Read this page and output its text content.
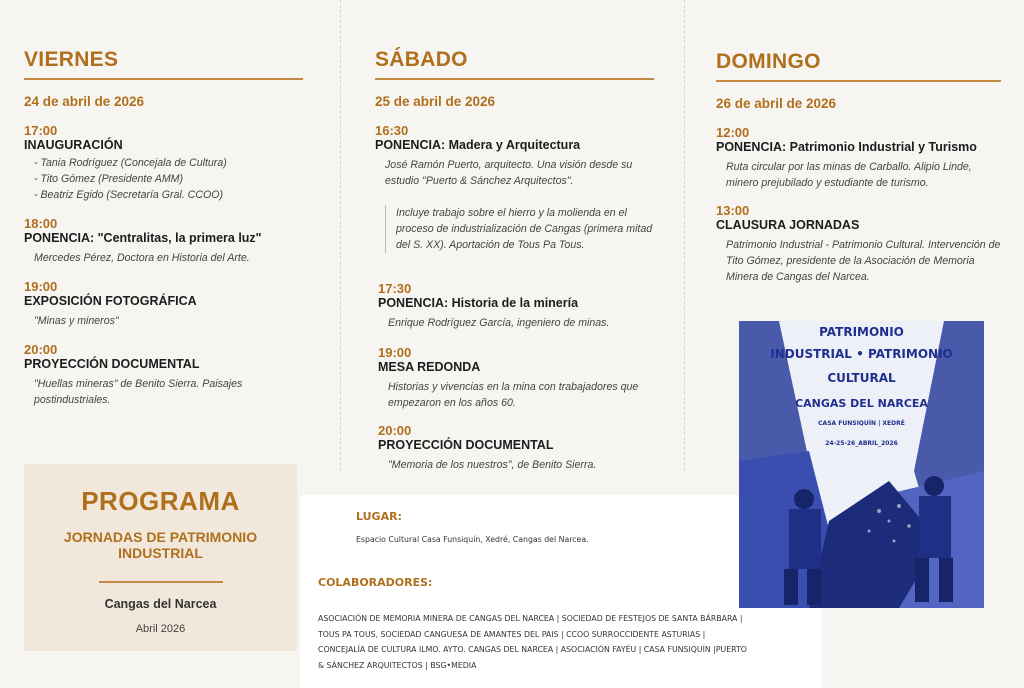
VIERNES
24 de abril de 2026
17:00
INAUGURACIÓN
- Tania Rodríguez (Concejala de Cultura)
- Tito Gómez (Presidente AMM)
- Beatriz Egido (Secretaría Gral. CCOO)
18:00
PONENCIA: "Centralitas, la primera luz"
Mercedes Pérez, Doctora en Historia del Arte.
19:00
EXPOSICIÓN FOTOGRÁFICA
"Minas y mineros"
20:00
PROYECCIÓN DOCUMENTAL
"Huellas mineras" de Benito Sierra. Paisajes postindustriales.
SÁBADO
25 de abril de 2026
16:30
PONENCIA: Madera y Arquitectura
José Ramón Puerto, arquitecto. Una visión desde su estudio "Puerto & Sánchez Arquitectos".
Incluye trabajo sobre el hierro y la molienda en el proceso de industrialización de Cangas (primera mitad del S. XX). Aportación de Tous Pa Tous.
17:30
PONENCIA: Historia de la minería
Enrique Rodríguez García, ingeniero de minas.
19:00
MESA REDONDA
Historias y vivencias en la mina con trabajadores que empezaron en los años 60.
20:00
PROYECCIÓN DOCUMENTAL
"Memoria de los nuestros", de Benito Sierra.
DOMINGO
26 de abril de 2026
12:00
PONENCIA: Patrimonio Industrial y Turismo
Ruta circular por las minas de Carballo. Alipio Linde, minero prejubilado y estudiante de turismo.
13:00
CLAUSURA JORNADAS
Patrimonio Industrial - Patrimonio Cultural. Intervención de Tito Gómez, presidente de la Asociación de Memoria Minera de Cangas del Narcea.
PROGRAMA
JORNADAS DE PATRIMONIO INDUSTRIAL
Cangas del Narcea
Abril 2026
LUGAR:
Espacio Cultural Casa Funsiquín, Xedré, Cangas del Narcea.
COLABORADORES:
ASOCIACIÓN DE MEMORIA MINERA DE CANGAS DEL NARCEA | SOCIEDAD DE FESTEJOS DE SANTA BÁRBARA | TOUS PA TOUS, SOCIEDAD CANGUESA DE AMANTES DEL PAIS | CCOO SURROCCIDENTE ASTURIAS | CONCEJALÍA DE CULTURA ILMO. AYTO. CANGAS DEL NARCEA | ASOCIACIÓN FAYÉU | CASA FUNSIQUÍN |PUERTO & SÁNCHEZ ARQUITECTOS | BSG•MEDIA
PATRIMONIO
INDUSTRIAL • PATRIMONIO
CULTURAL
CANGAS DEL NARCEA
CASA FUNSIQUÍN | XEDRÉ
24-25-26_ABRIL_2026
